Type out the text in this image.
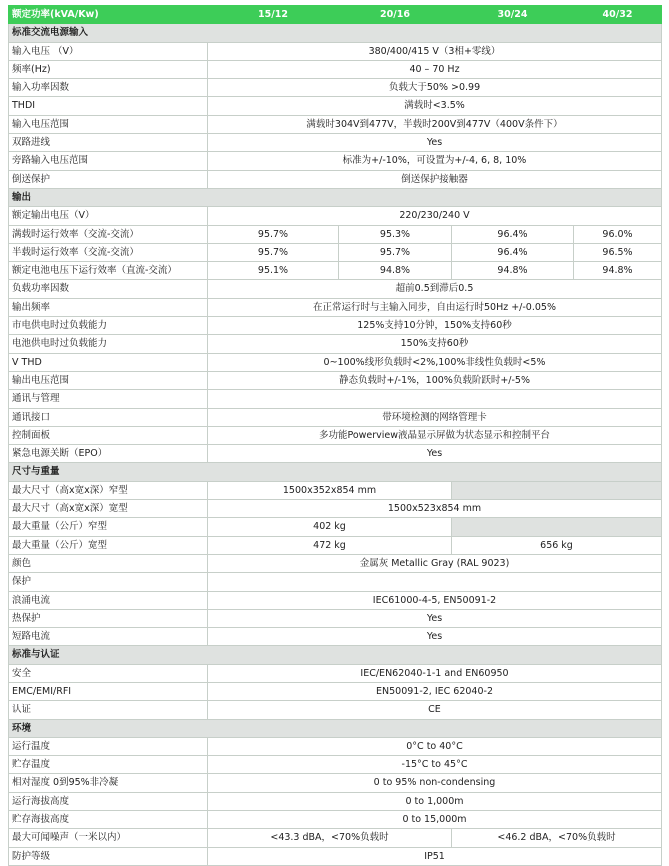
额定功率(kVA/Kw)	15/12	20/16	30/24	40/32
标准交流电源输入				
输入电压 （V）	380/400/415 V（3相+零线）			
频率(Hz)	40 – 70 Hz			
输入功率因数	负载大于50% >0.99			
THDI	满载时<3.5%			
输入电压范围	满载时304V到477V，半载时200V到477V（400V条件下）			
双路进线	Yes			
旁路输入电压范围	标准为+/-10%，可设置为+/-4, 6, 8, 10%			
倒送保护	倒送保护接触器			
输出				
额定输出电压（V）	220/230/240 V			
满载时运行效率（交流-交流）	95.7%	95.3%	96.4%	96.0%
半载时运行效率（交流-交流）	95.7%	95.7%	96.4%	96.5%
额定电池电压下运行效率（直流-交流）	95.1%	94.8%	94.8%	94.8%
负载功率因数	超前0.5到滞后0.5			
输出频率	在正常运行时与主输入同步，自由运行时50Hz +/-0.05%			
市电供电时过负载能力	125%支持10分钟，150%支持60秒			
电池供电时过负载能力	150%支持60秒			
V THD	0~100%线形负载时<2%,100%非线性负载时<5%			
输出电压范围	静态负载时+/-1%，100%负载阶跃时+/-5%			
通讯与管理				
通讯接口	带环境检测的网络管理卡			
控制面板	多功能Powerview液晶显示屏做为状态显示和控制平台			
紧急电源关断（EPO）	Yes			
尺寸与重量				
最大尺寸（高x宽x深）窄型	1500x352x854 mm			
最大尺寸（高x宽x深）宽型	1500x523x854 mm			
最大重量（公斤）窄型	402 kg			
最大重量（公斤）宽型	472 kg		656 kg	
颜色	金属灰 Metallic Gray (RAL 9023)			
保护				
浪涌电流	IEC61000-4-5, EN50091-2			
热保护	Yes			
短路电流	Yes			
标准与认证				
安全	IEC/EN62040-1-1 and EN60950			
EMC/EMI/RFI	EN50091-2, IEC 62040-2			
认证	CE			
环境				
运行温度	0°C to 40°C			
贮存温度	-15°C to 45°C			
相对湿度 0到95%非冷凝	0 to 95% non-condensing			
运行海拔高度	0 to 1,000m			
贮存海拔高度	0 to 15,000m			
最大可闻噪声（一米以内）	<43.3 dBA，<70%负载时		<46.2 dBA，<70%负载时	
防护等级	IP51			
